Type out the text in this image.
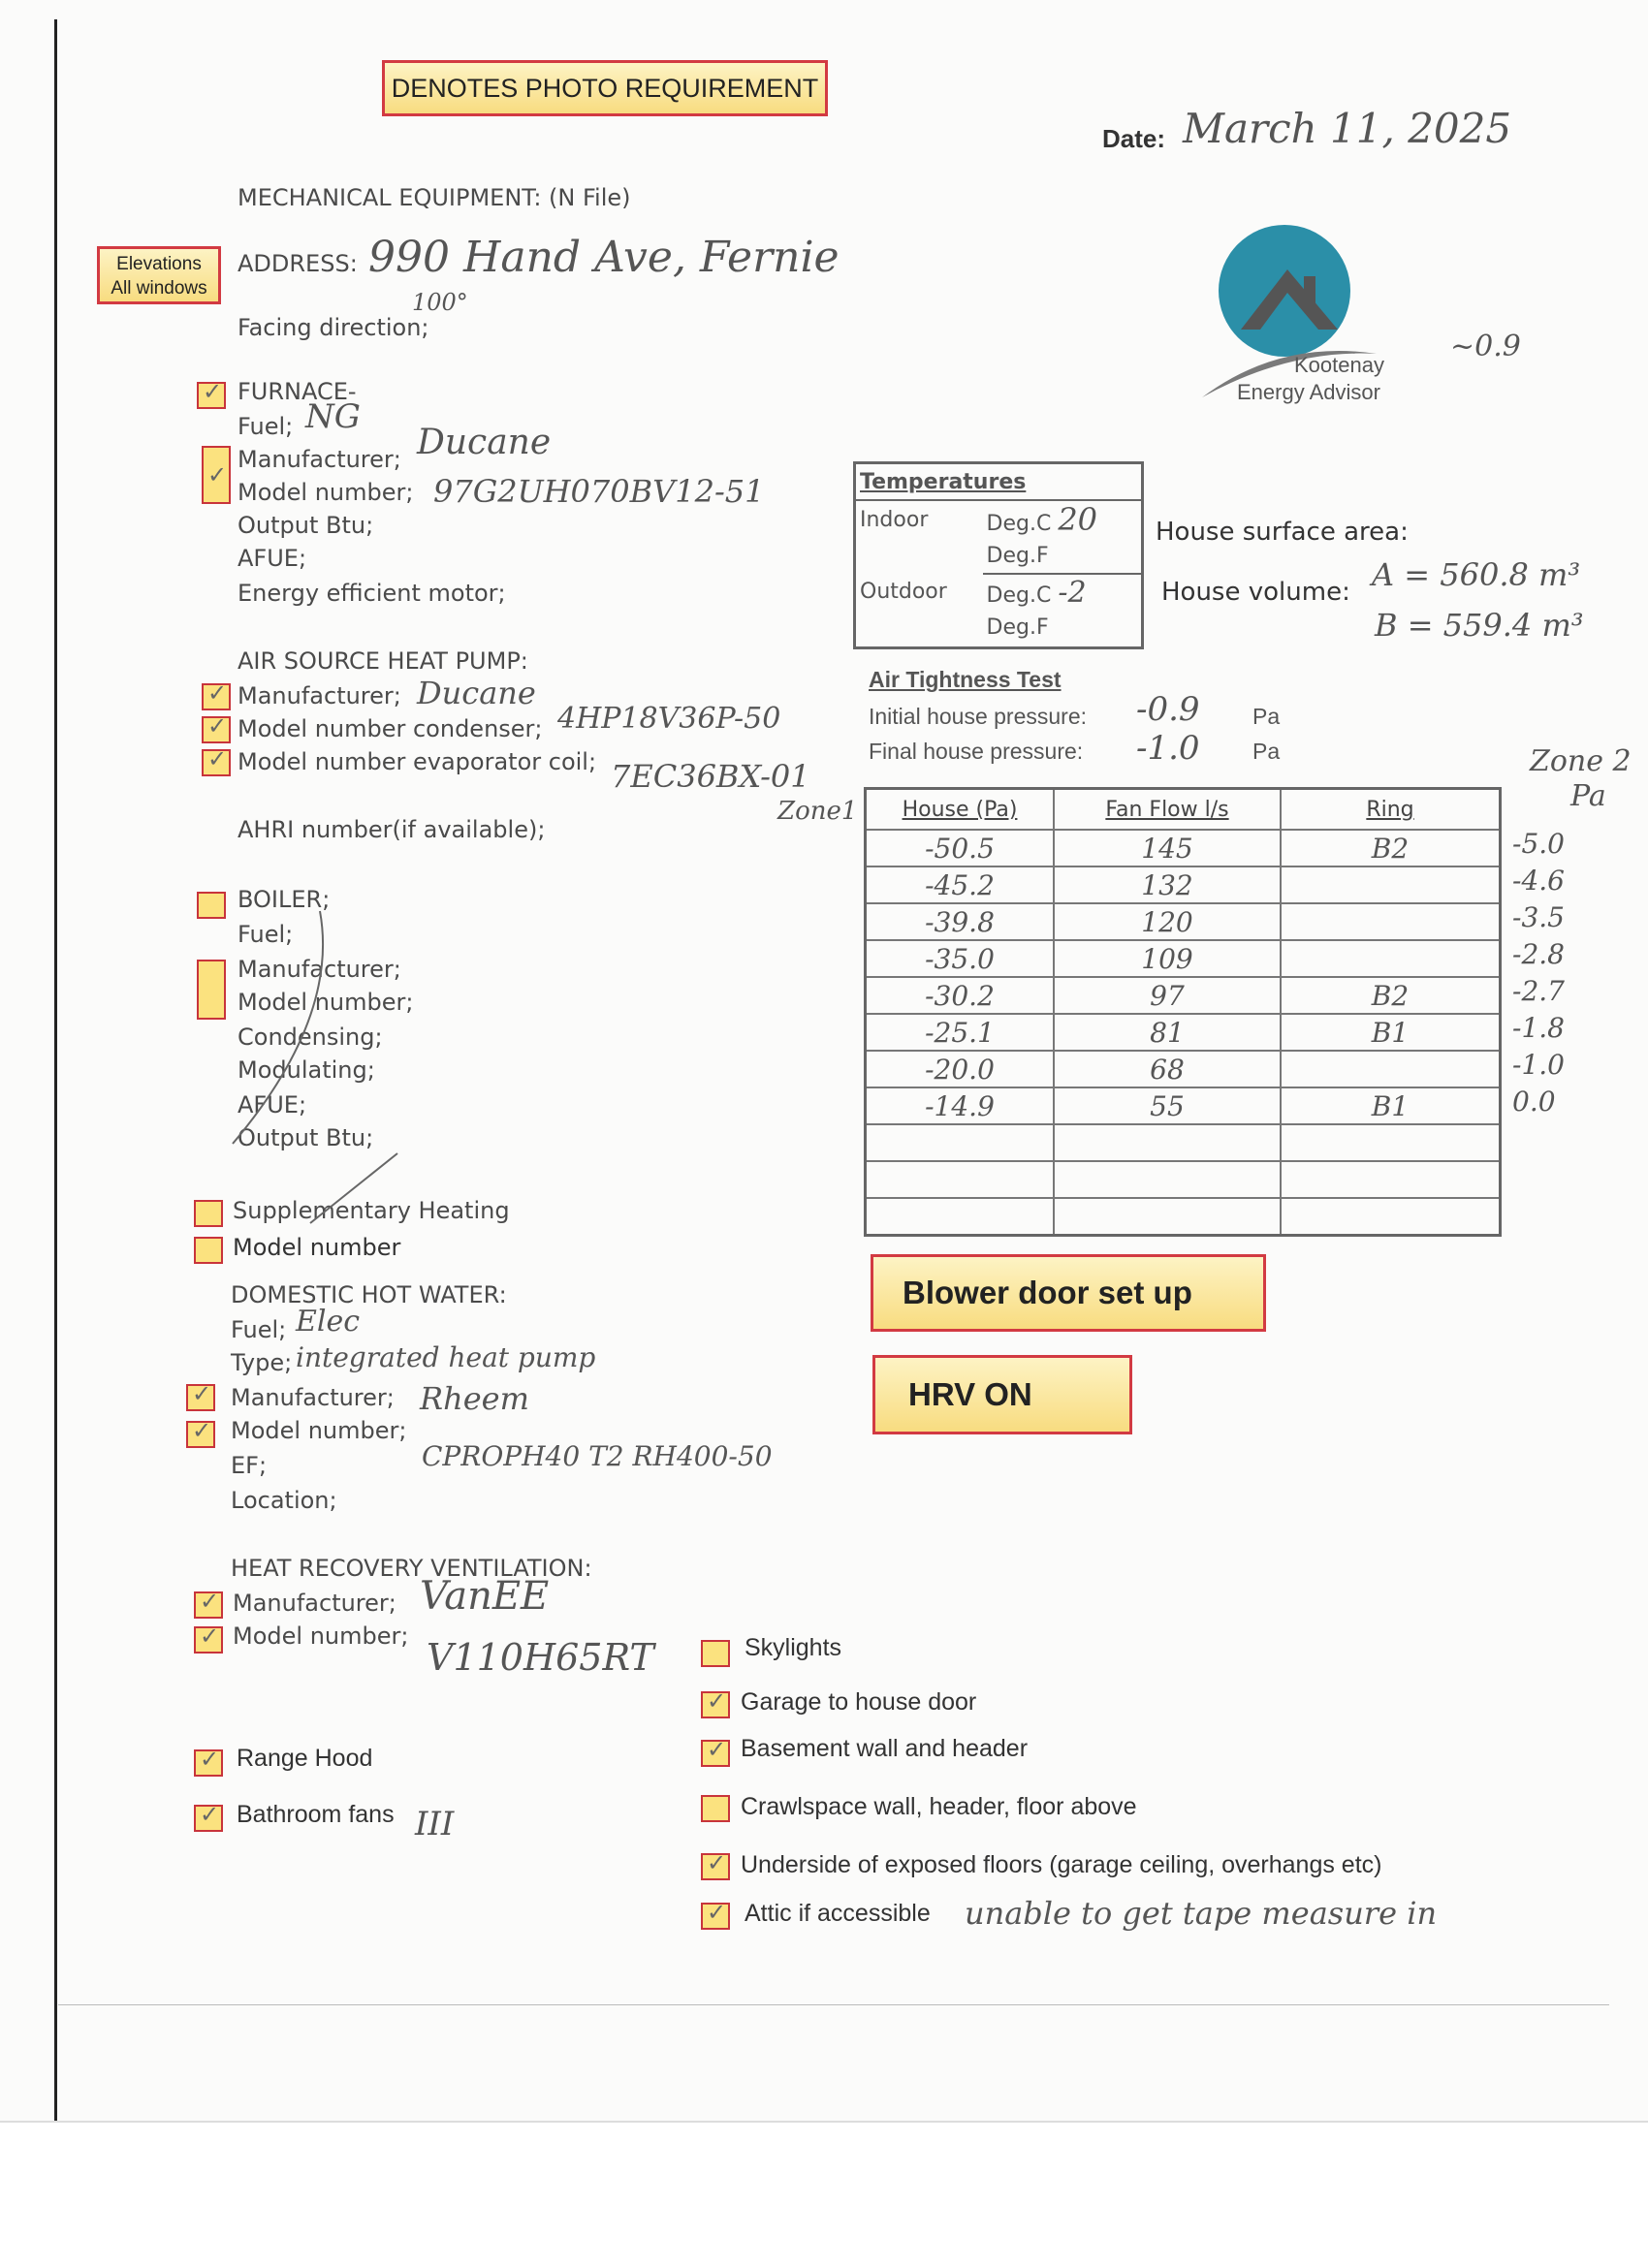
DENOTES PHOTO REQUIREMENT
Date: March 11, 2025
Elevations
All windows
Kootenay
Energy Advisor
~0.9
MECHANICAL EQUIPMENT: (N File)
ADDRESS: 990 Hand Ave, Fernie
Facing direction;
100°
✓ FURNACE-
Fuel; NG
✓
Manufacturer; Ducane
Model number; 97G2UH070BV12-51
Output Btu;
AFUE;
Energy efficient motor;
AIR SOURCE HEAT PUMP:
✓ Manufacturer; Ducane
✓ Model number condenser; 4HP18V36P-50
✓ Model number evaporator coil; 7EC36BX-01
AHRI number(if available);
BOILER;
Fuel;
Manufacturer;
Model number;
Condensing;
Modulating;
AFUE;
Output Btu;
Supplementary Heating
Model number
DOMESTIC HOT WATER:
Fuel; Elec
Type; integrated heat pump
✓ Manufacturer; Rheem
✓ Model number;
CPROPH40 T2 RH400-50
EF;
Location;
HEAT RECOVERY VENTILATION:
✓ Manufacturer; VanEE
✓ Model number; V110H65RT
✓ Range Hood
✓ Bathroom fans III
Skylights
✓ Garage to house door
✓ Basement wall and header
Crawlspace wall, header, floor above
✓ Underside of exposed floors (garage ceiling, overhangs etc)
✓ Attic if accessible unable to get tape measure in
Temperatures	
Indoor	Deg.C 20
	Deg.F
Outdoor	Deg.C -2
	Deg.F
House surface area:
House volume: A = 560.8 m³
B = 559.4 m³
Air Tightness Test
Initial house pressure: -0.9 Pa
Final house pressure: -1.0 Pa
Zone1
Zone 2
Pa
House (Pa)	Fan Flow l/s	Ring
-50.5	145	B2
-45.2	132	
-39.8	120	
-35.0	109	
-30.2	97	B2
-25.1	81	B1
-20.0	68	
-14.9	55	B1

-5.0
-4.6
-3.5
-2.8
-2.7
-1.8
-1.0
0.0
Blower door set up
HRV ON
